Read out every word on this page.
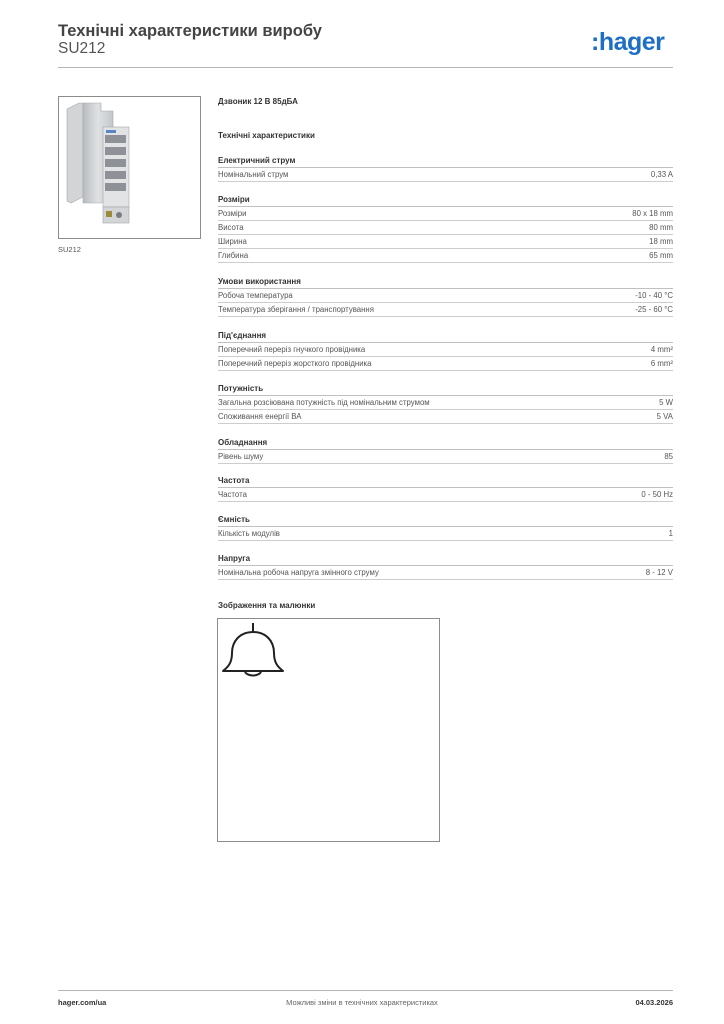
Технічні характеристики виробу
SU212	:hager
SU212
Дзвоник 12 В 85дБА
Технічні характеристики
Електричний струм
Номінальний струм	0,33 A
Розміри
Розміри	80 x 18 mm
Висота	80 mm
Ширина	18 mm
Глибина	65 mm
Умови використання
Робоча температура	-10 - 40 °C
Температура зберігання / транспортування	-25 - 60 °C
Під'єднання
Поперечний переріз гнучкого провідника	4 mm²
Поперечний переріз жорсткого провідника	6 mm²
Потужність
Загальна розсіювана потужність під номінальним струмом	5 W
Споживання енергії ВА	5 VA
Обладнання
Рівень шуму	85
Частота
Частота	0 - 50 Hz
Ємність
Кількість модулів	1
Напруга
Номінальна робоча напруга змінного струму	8 - 12 V
Зображення та малюнки
hager.com/ua	Можливі зміни в технічних характеристиках	04.03.2026
